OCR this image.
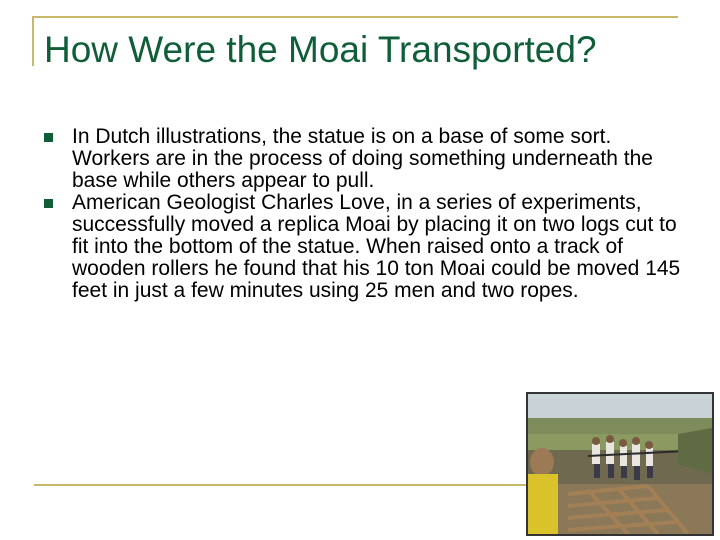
How Were the Moai Transported?
In Dutch illustrations, the statue is on a base of some sort. Workers are in the process of doing something underneath the base while others appear to pull.
American Geologist Charles Love, in a series of experiments, successfully moved a replica Moai by placing it on two logs cut to fit into the bottom of the statue. When raised onto a track of wooden rollers he found that his 10 ton Moai could be moved 145 feet in just a few minutes using 25 men and two ropes.
